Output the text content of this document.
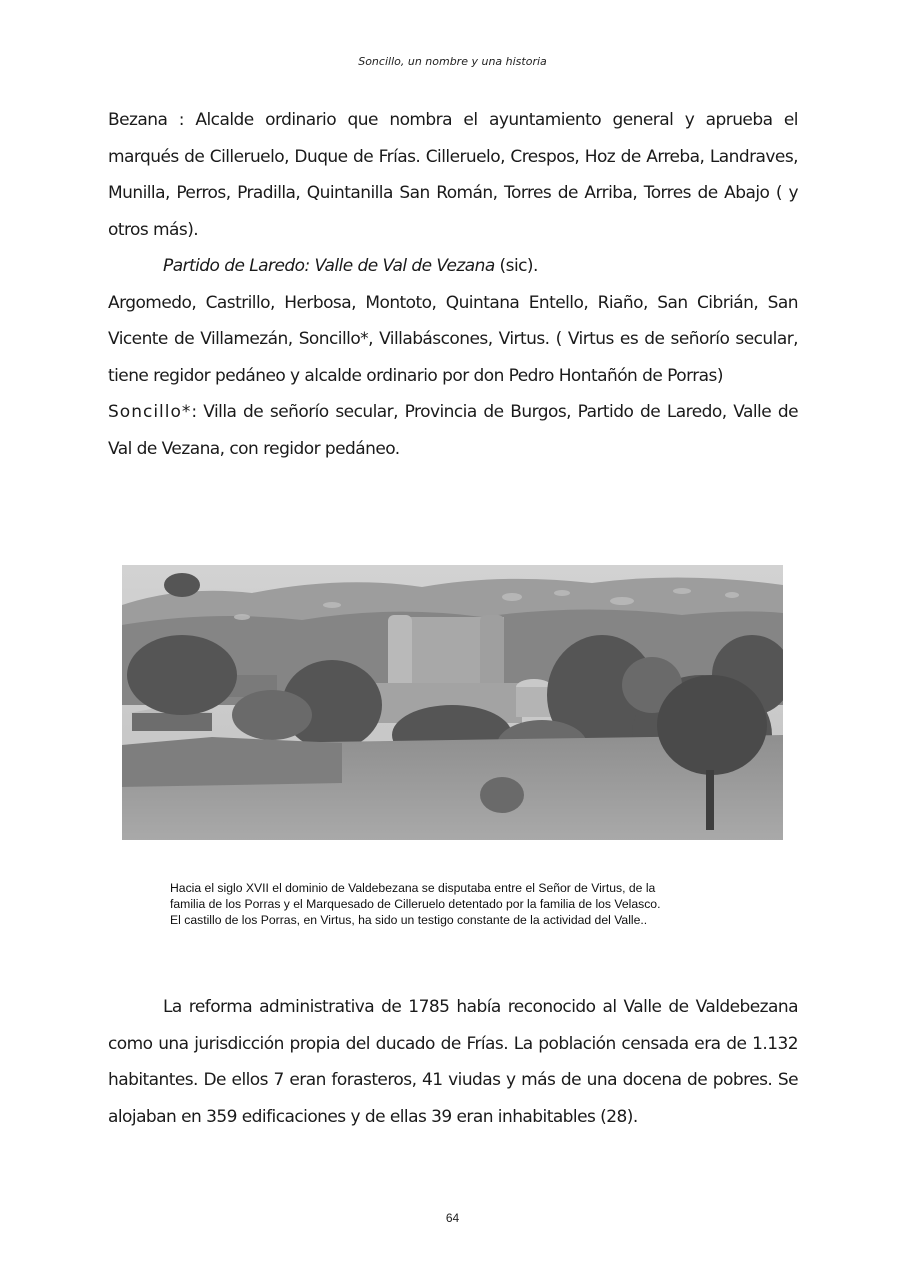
Soncillo, un nombre y una historia

Bezana : Alcalde ordinario que nombra el ayuntamiento general y aprueba el marqués de Cilleruelo, Duque de Frías. Cilleruelo, Crespos, Hoz de Arreba, Landraves, Munilla, Perros, Pradilla, Quintanilla San Román, Torres de Arriba, Torres de Abajo ( y otros más).

Partido de Laredo: Valle de Val de Vezana (sic).

Argomedo, Castrillo, Herbosa, Montoto, Quintana Entello, Riaño, San Cibrián, San Vicente de Villamezán, Soncillo*, Villabáscones, Virtus. ( Virtus es de señorío secular, tiene regidor pedáneo y alcalde ordinario por don Pedro Hontañón de Porras)

Soncillo*: Villa de señorío secular, Provincia de Burgos, Partido de Laredo, Valle de Val de Vezana, con regidor pedáneo.

Hacia el siglo XVII el dominio de Valdebezana se disputaba entre el Señor de Virtus, de la
familia de los Porras y el Marquesado de Cilleruelo detentado por la familia de los Velasco.
El castillo de los Porras, en Virtus, ha sido un testigo constante de la actividad del Valle..

La reforma administrativa de 1785 había reconocido al Valle de Valdebezana como una jurisdicción propia del ducado de Frías. La población censada era de 1.132 habitantes. De ellos 7 eran forasteros, 41 viudas y más de una docena de pobres. Se alojaban en 359 edificaciones y de ellas 39 eran inhabitables (28).

64
